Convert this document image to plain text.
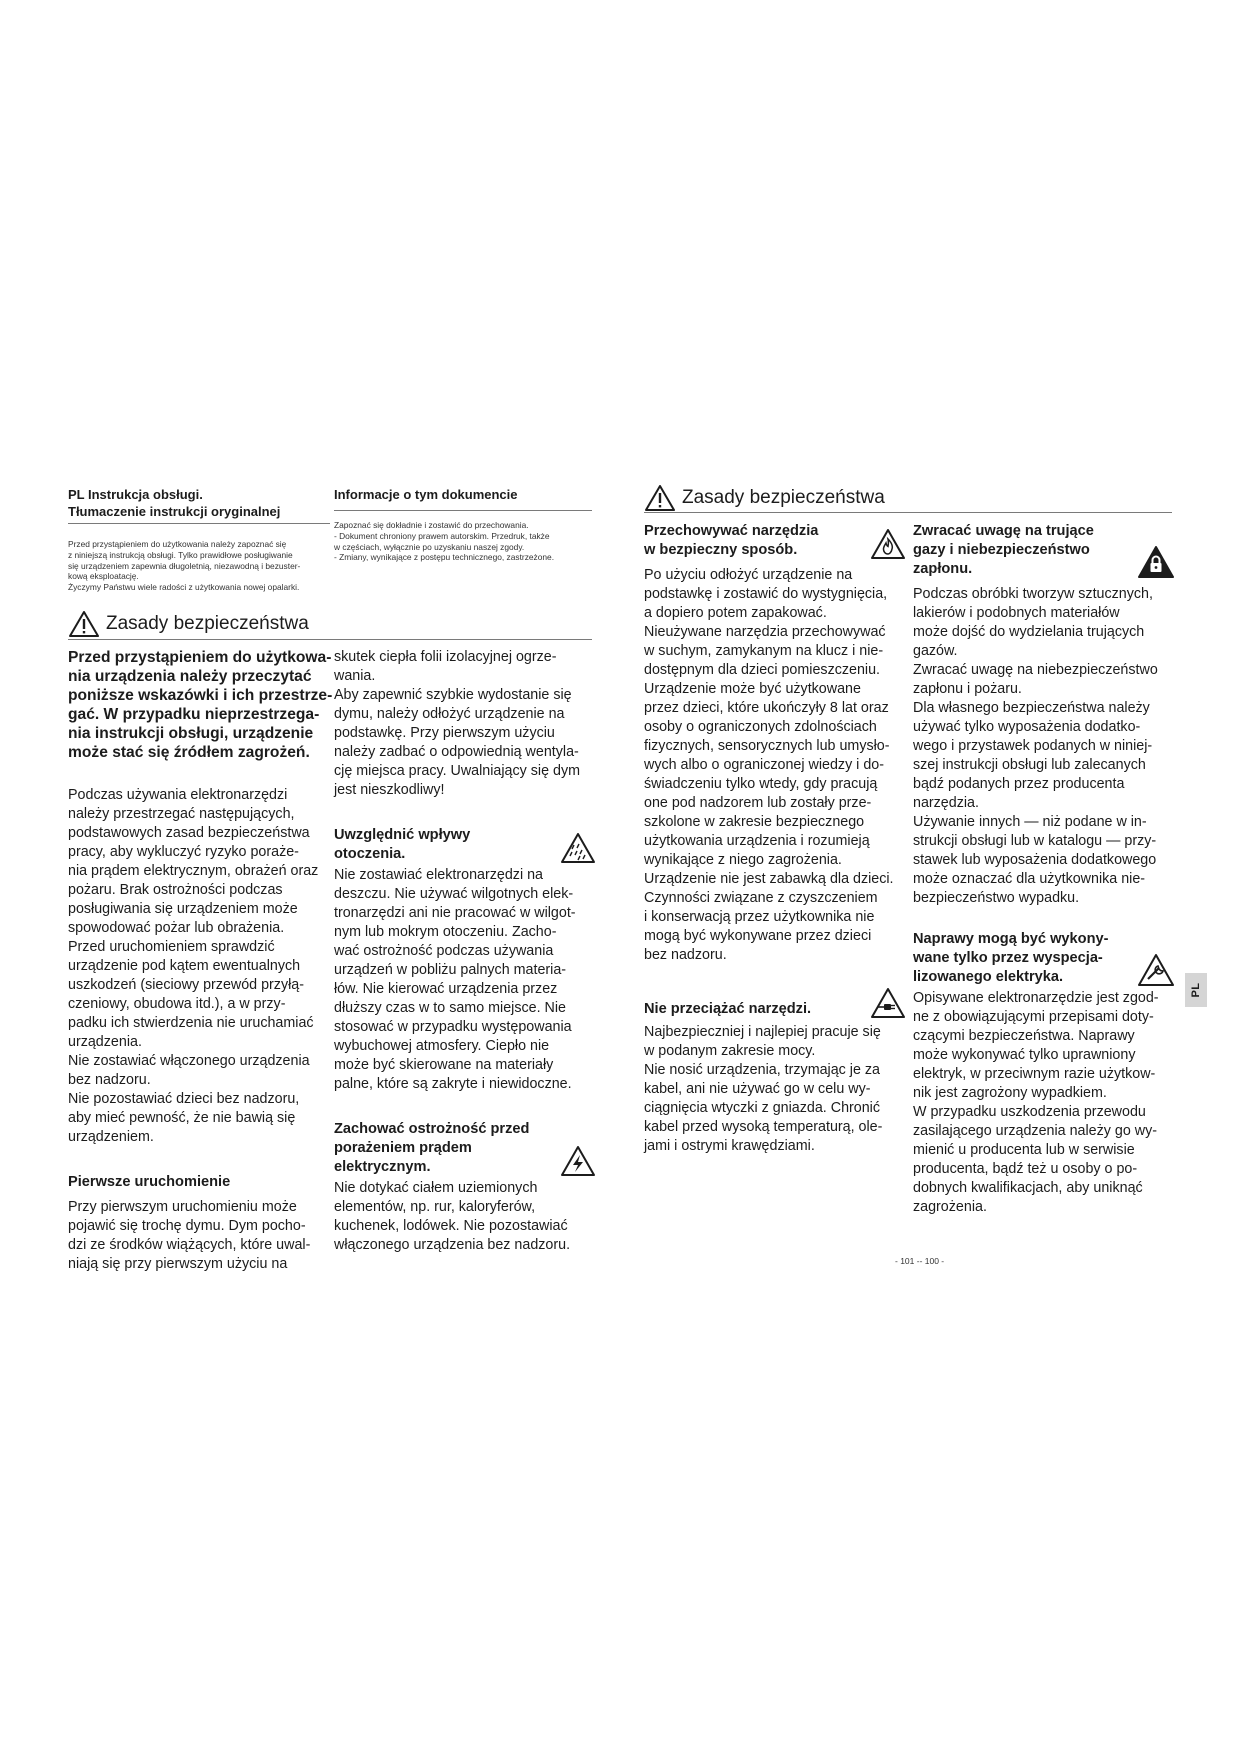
PL Instrukcja obsługi.
Tłumaczenie instrukcji oryginalnej
Przed przystąpieniem do użytkowania należy zapoznać się
z niniejszą instrukcją obsługi. Tylko prawidłowe posługiwanie
się urządzeniem zapewnia długoletnią, niezawodną i bezuster-
kową eksploatację.
Życzymy Państwu wiele radości z użytkowania nowej opalarki.
Informacje o tym dokumencie
Zapoznać się dokładnie i zostawić do przechowania.
- Dokument chroniony prawem autorskim. Przedruk, także
w częściach, wyłącznie po uzyskaniu naszej zgody.
- Zmiany, wynikające z postępu technicznego, zastrzeżone.
Zasady bezpieczeństwa
Przed przystąpieniem do użytkowa-
nia urządzenia należy przeczytać
poniższe wskazówki i ich przestrze-
gać. W przypadku nieprzestrzega-
nia instrukcji obsługi, urządzenie
może stać się źródłem zagrożeń.
Podczas używania elektronarzędzi
należy przestrzegać następujących,
podstawowych zasad bezpieczeństwa
pracy, aby wykluczyć ryzyko poraże-
nia prądem elektrycznym, obrażeń oraz
pożaru. Brak ostrożności podczas
posługiwania się urządzeniem może
spowodować pożar lub obrażenia.
Przed uruchomieniem sprawdzić
urządzenie pod kątem ewentualnych
uszkodzeń (sieciowy przewód przyłą-
czeniowy, obudowa itd.), a w przy-
padku ich stwierdzenia nie uruchamiać
urządzenia.
Nie zostawiać włączonego urządzenia
bez nadzoru.
Nie pozostawiać dzieci bez nadzoru,
aby mieć pewność, że nie bawią się
urządzeniem.
Pierwsze uruchomienie
Przy pierwszym uruchomieniu może
pojawić się trochę dymu. Dym pocho-
dzi ze środków wiążących, które uwal-
niają się przy pierwszym użyciu na
skutek ciepła folii izolacyjnej ogrze-
wania.
Aby zapewnić szybkie wydostanie się
dymu, należy odłożyć urządzenie na
podstawkę. Przy pierwszym użyciu
należy zadbać o odpowiednią wentyla-
cję miejsca pracy. Uwalniający się dym
jest nieszkodliwy!
Uwzględnić wpływy
otoczenia.
Nie zostawiać elektronarzędzi na
deszczu. Nie używać wilgotnych elek-
tronarzędzi ani nie pracować w wilgot-
nym lub mokrym otoczeniu. Zacho-
wać ostrożność podczas używania
urządzeń w pobliżu palnych materia-
łów. Nie kierować urządzenia przez
dłuższy czas w to samo miejsce. Nie
stosować w przypadku występowania
wybuchowej atmosfery. Ciepło nie
może być skierowane na materiały
palne, które są zakryte i niewidoczne.
Zachować ostrożność przed
porażeniem prądem
elektrycznym.
Nie dotykać ciałem uziemionych
elementów, np. rur, kaloryferów,
kuchenek, lodówek. Nie pozostawiać
włączonego urządzenia bez nadzoru.
Zasady bezpieczeństwa
Przechowywać narzędzia
w bezpieczny sposób.
Po użyciu odłożyć urządzenie na
podstawkę i zostawić do wystygnięcia,
a dopiero potem zapakować.
Nieużywane narzędzia przechowywać
w suchym, zamykanym na klucz i nie-
dostępnym dla dzieci pomieszczeniu.
Urządzenie może być użytkowane
przez dzieci, które ukończyły 8 lat oraz
osoby o ograniczonych zdolnościach
fizycznych, sensorycznych lub umysło-
wych albo o ograniczonej wiedzy i do-
świadczeniu tylko wtedy, gdy pracują
one pod nadzorem lub zostały prze-
szkolone w zakresie bezpiecznego
użytkowania urządzenia i rozumieją
wynikające z niego zagrożenia.
Urządzenie nie jest zabawką dla dzieci.
Czynności związane z czyszczeniem
i konserwacją przez użytkownika nie
mogą być wykonywane przez dzieci
bez nadzoru.
Nie przeciążać narzędzi.
Najbezpieczniej i najlepiej pracuje się
w podanym zakresie mocy.
Nie nosić urządzenia, trzymając je za
kabel, ani nie używać go w celu wy-
ciągnięcia wtyczki z gniazda. Chronić
kabel przed wysoką temperaturą, ole-
jami i ostrymi krawędziami.
Zwracać uwagę na trujące
gazy i niebezpieczeństwo
zapłonu.
Podczas obróbki tworzyw sztucznych,
lakierów i podobnych materiałów
może dojść do wydzielania trujących
gazów.
Zwracać uwagę na niebezpieczeństwo
zapłonu i pożaru.
Dla własnego bezpieczeństwa należy
używać tylko wyposażenia dodatko-
wego i przystawek podanych w niniej-
szej instrukcji obsługi lub zalecanych
bądź podanych przez producenta
narzędzia.
Używanie innych — niż podane w in-
strukcji obsługi lub w katalogu — przy-
stawek lub wyposażenia dodatkowego
może oznaczać dla użytkownika nie-
bezpieczeństwo wypadku.
Naprawy mogą być wykony-
wane tylko przez wyspecja-
lizowanego elektryka.
Opisywane elektronarzędzie jest zgod-
ne z obowiązującymi przepisami doty-
czącymi bezpieczeństwa. Naprawy
może wykonywać tylko uprawniony
elektryk, w przeciwnym razie użytkow-
nik jest zagrożony wypadkiem.
W przypadku uszkodzenia przewodu
zasilającego urządzenia należy go wy-
mienić u producenta lub w serwisie
producenta, bądź też u osoby o po-
dobnych kwalifikacjach, aby uniknąć
zagrożenia.
PL
- 101 -- 100 -
